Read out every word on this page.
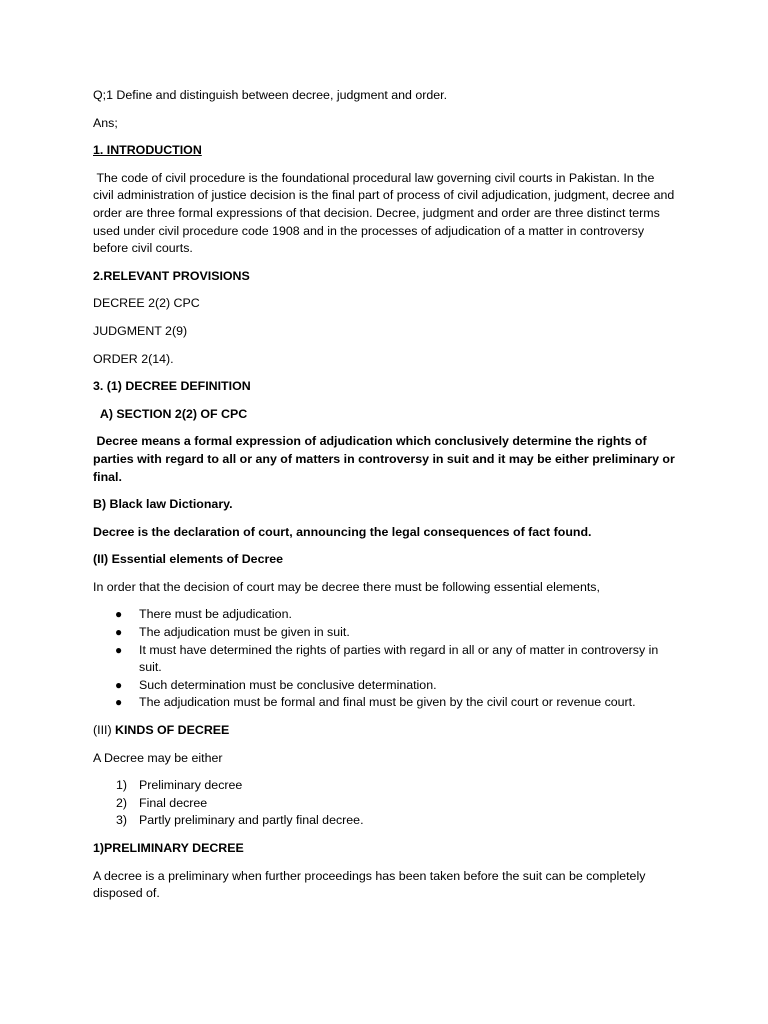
Q;1 Define and distinguish between decree, judgment and order.

Ans;

1. INTRODUCTION

The code of civil procedure is the foundational procedural law governing civil courts in Pakistan. In the civil administration of justice decision is the final part of process of civil adjudication, judgment, decree and order are three formal expressions of that decision. Decree, judgment and order are three distinct terms used under civil procedure code 1908 and in the processes of adjudication of a matter in controversy before civil courts.

2.RELEVANT PROVISIONS

DECREE 2(2) CPC

JUDGMENT 2(9)

ORDER 2(14).

3. (1) DECREE DEFINITION

A) SECTION 2(2) OF CPC

Decree means a formal expression of adjudication which conclusively determine the rights of parties with regard to all or any of matters in controversy in suit and it may be either preliminary or final.

B) Black law Dictionary.

Decree is the declaration of court, announcing the legal consequences of fact found.

(II) Essential elements of Decree

In order that the decision of court may be decree there must be following essential elements,

● There must be adjudication.
● The adjudication must be given in suit.
● It must have determined the rights of parties with regard in all or any of matter in controversy in suit.
● Such determination must be conclusive determination.
● The adjudication must be formal and final must be given by the civil court or revenue court.

(III) KINDS OF DECREE

A Decree may be either

1) Preliminary decree
2) Final decree
3) Partly preliminary and partly final decree.

1)PRELIMINARY DECREE

A decree is a preliminary when further proceedings has been taken before the suit can be completely disposed of.
